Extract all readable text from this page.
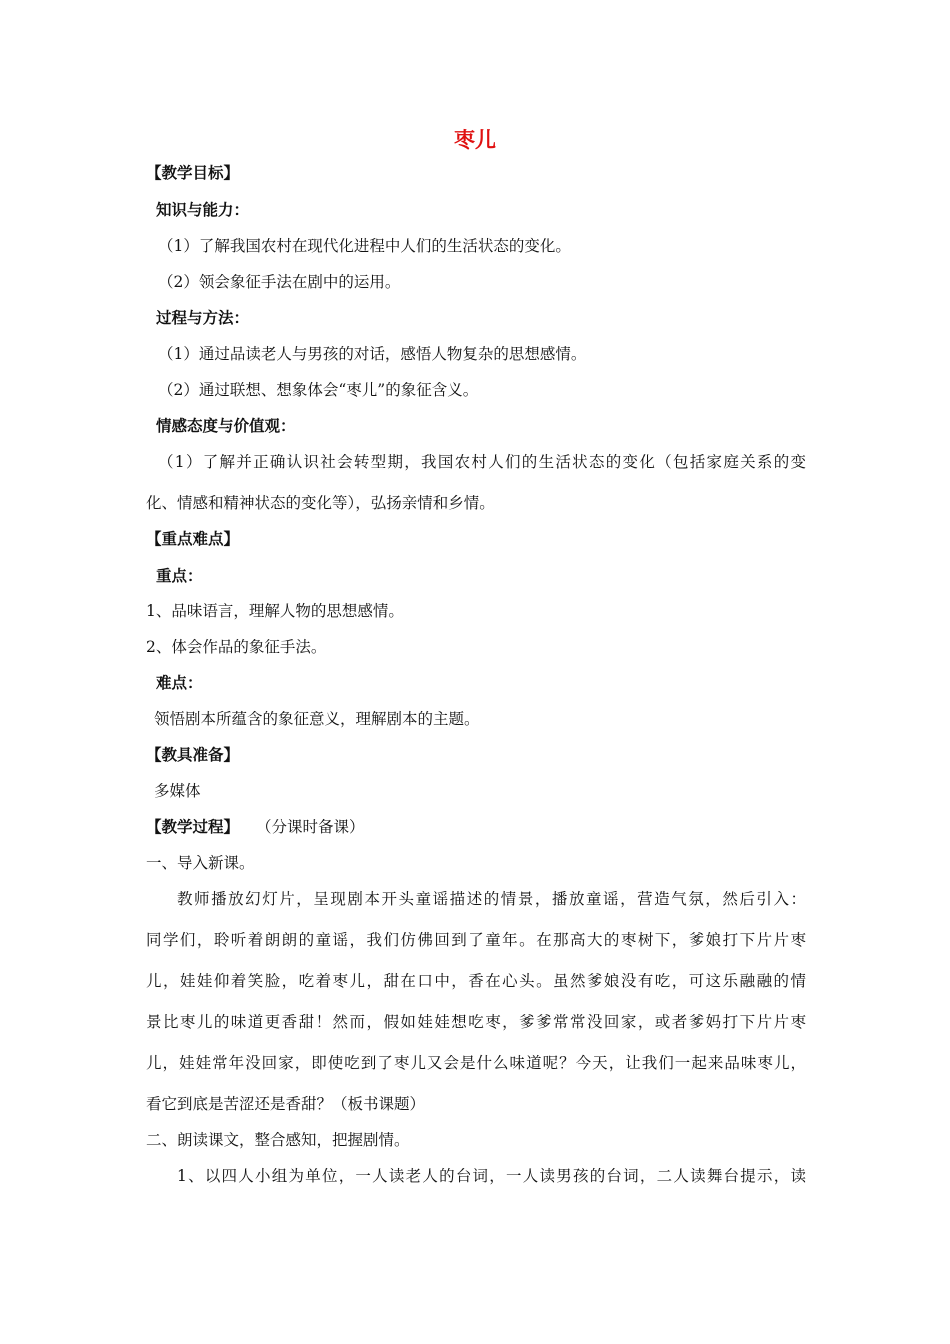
枣儿
【教学目标】
知识与能力：
（1）了解我国农村在现代化进程中人们的生活状态的变化。
（2）领会象征手法在剧中的运用。
过程与方法：
（1）通过品读老人与男孩的对话，感悟人物复杂的思想感情。
（2）通过联想、想象体会“枣儿”的象征含义。
情感态度与价值观：
（1）了解并正确认识社会转型期，我国农村人们的生活状态的变化（包括家庭关系的变
化、情感和精神状态的变化等），弘扬亲情和乡情。
【重点难点】
重点：
1、品味语言，理解人物的思想感情。
2、体会作品的象征手法。
难点：
领悟剧本所蕴含的象征意义，理解剧本的主题。
【教具准备】
多媒体
【教学过程】 （分课时备课）
一、导入新课。
教师播放幻灯片，呈现剧本开头童谣描述的情景，播放童谣，营造气氛，然后引入：
同学们，聆听着朗朗的童谣，我们仿佛回到了童年。在那高大的枣树下，爹娘打下片片枣
儿，娃娃仰着笑脸，吃着枣儿，甜在口中，香在心头。虽然爹娘没有吃，可这乐融融的情
景比枣儿的味道更香甜！然而，假如娃娃想吃枣，爹爹常常没回家，或者爹妈打下片片枣
儿，娃娃常年没回家，即使吃到了枣儿又会是什么味道呢？今天，让我们一起来品味枣儿，
看它到底是苦涩还是香甜？（板书课题）
二、朗读课文，整合感知，把握剧情。
1、以四人小组为单位，一人读老人的台词，一人读男孩的台词，二人读舞台提示，读
